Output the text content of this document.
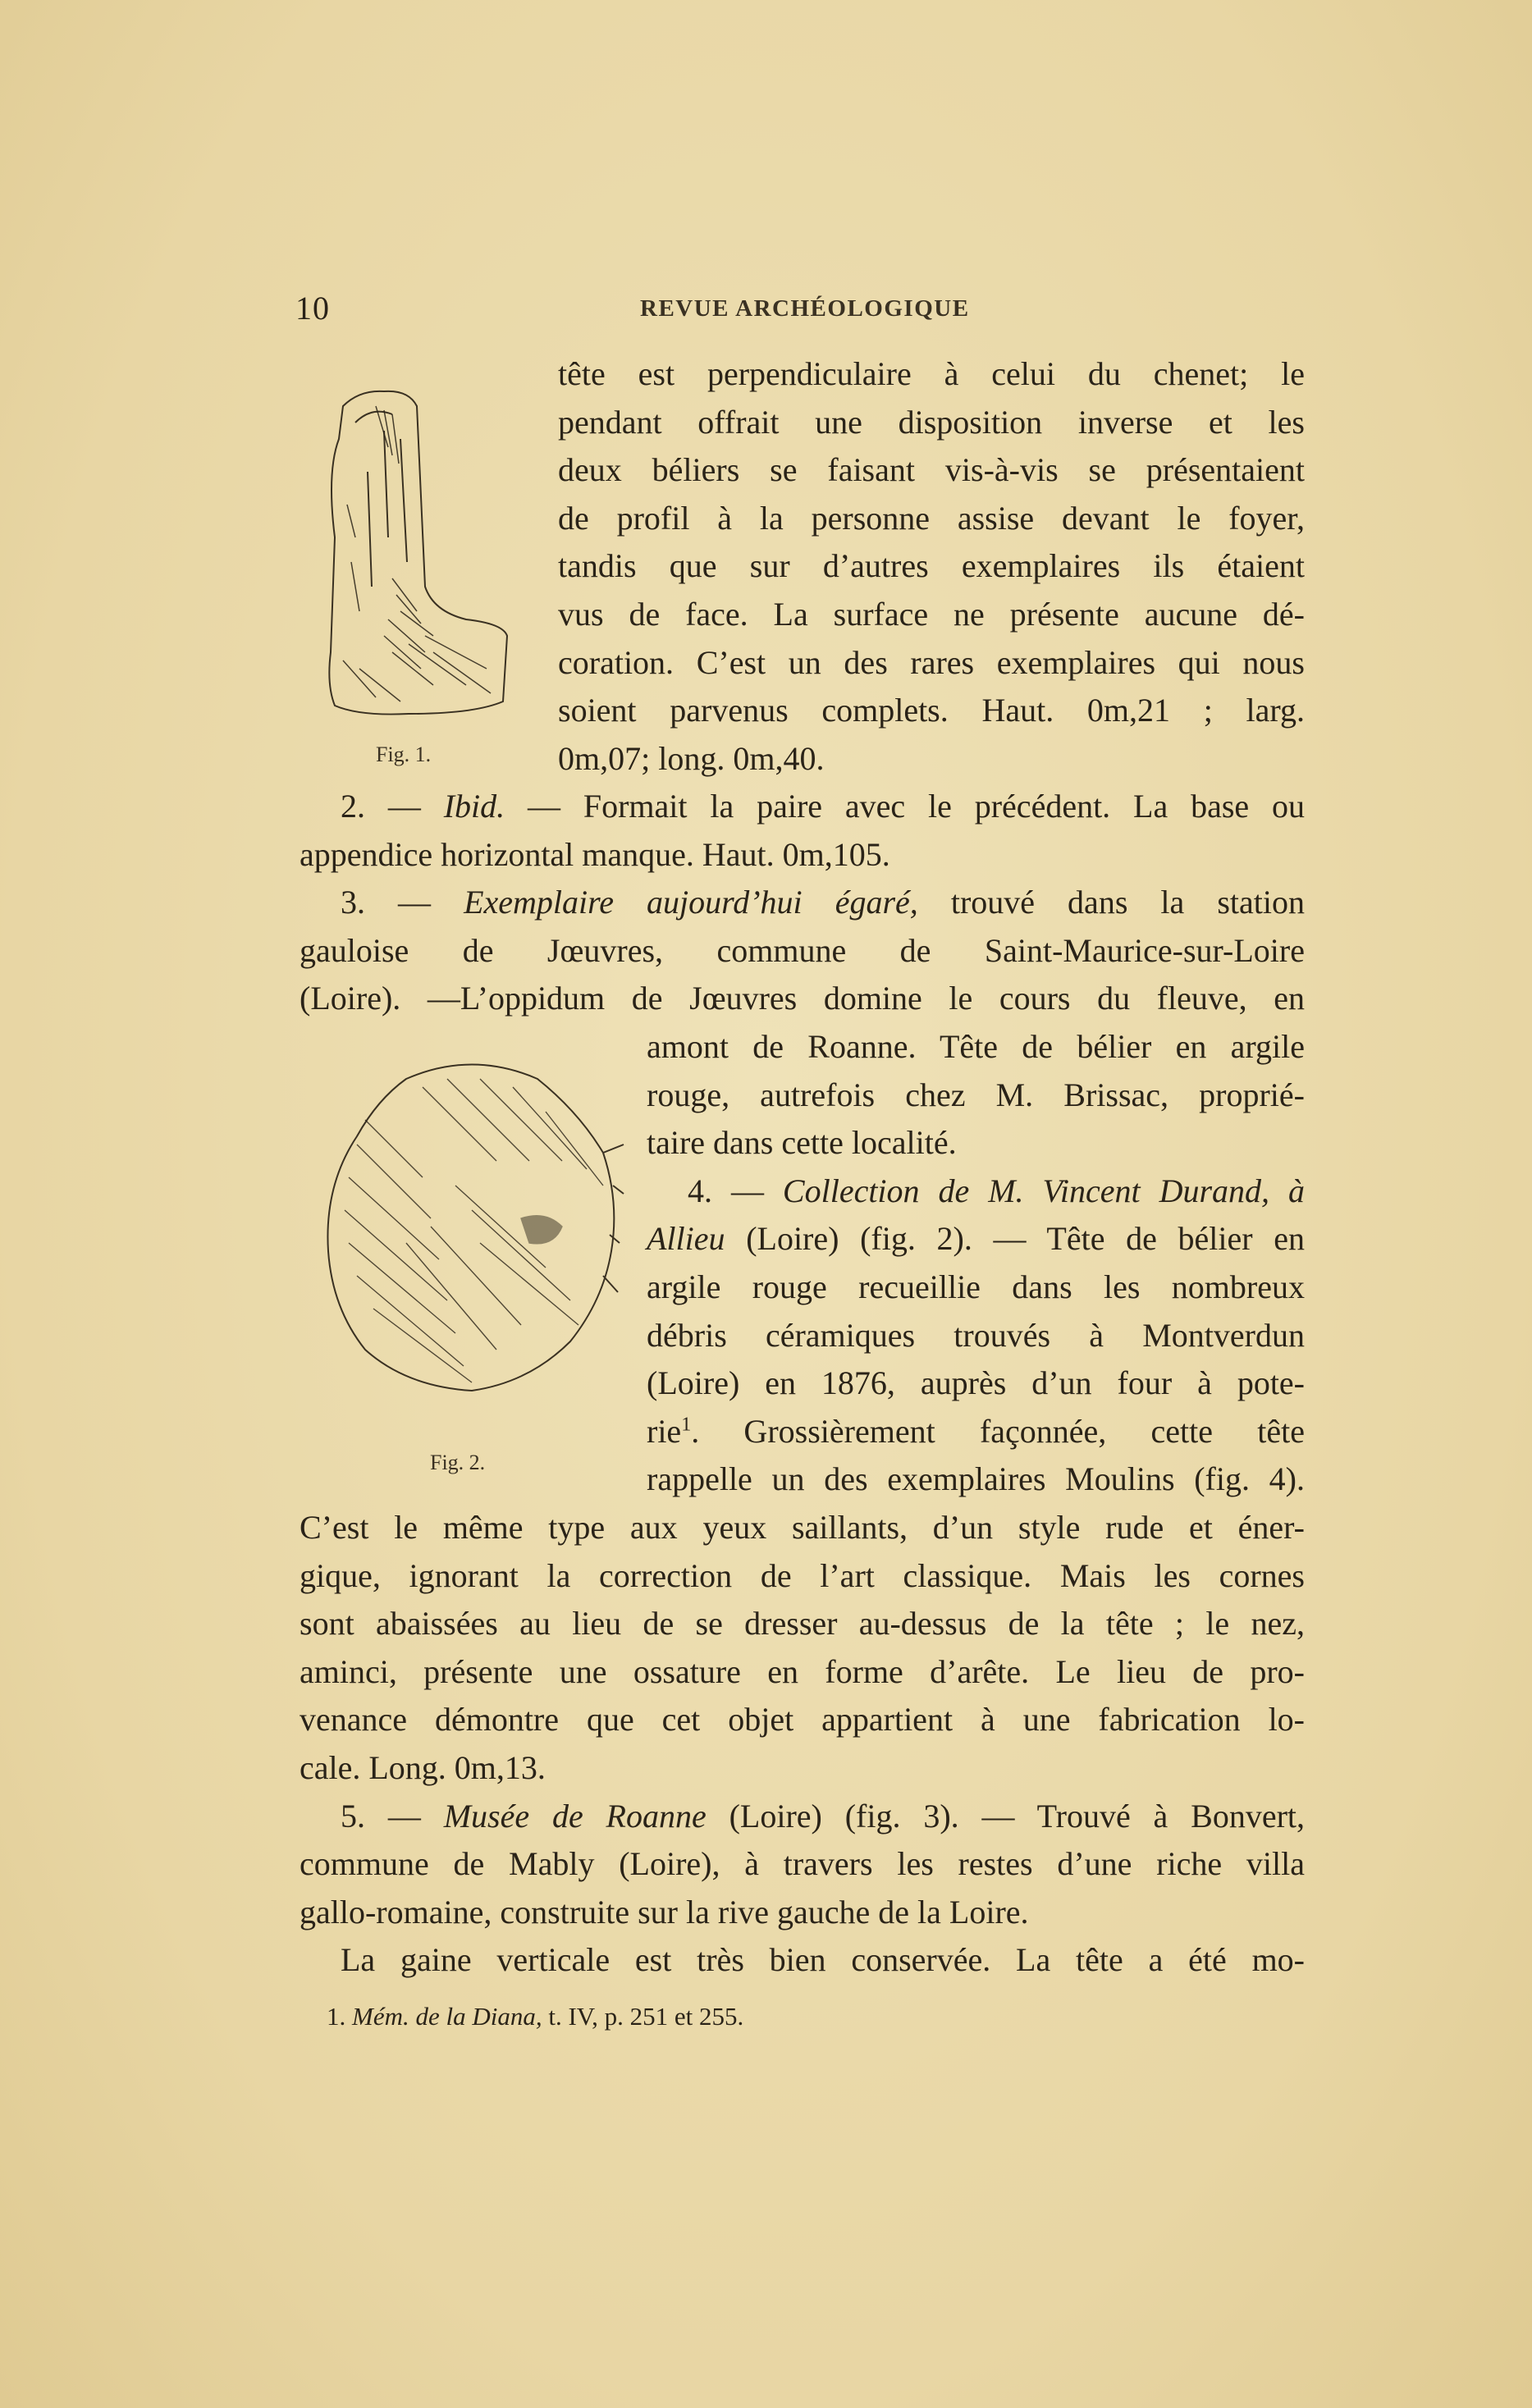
10	REVUE ARCHÉOLOGIQUE
Fig. 1.
Fig. 2.
tête est perpendiculaire à celui du chenet; le
pendant offrait une disposition inverse et les
deux béliers se faisant vis-à-vis se présentaient
de profil à la personne assise devant le foyer,
tandis que sur d’autres exemplaires ils étaient
vus de face. La surface ne présente aucune dé-
coration. C’est un des rares exemplaires qui nous
soient parvenus complets. Haut. 0m,21 ; larg.
0m,07; long. 0m,40.
2. — Ibid. — Formait la paire avec le précédent. La base ou
appendice horizontal manque. Haut. 0m,105.
3. — Exemplaire aujourd’hui égaré, trouvé dans la station
gauloise de Jœuvres, commune de Saint-Maurice-sur-Loire
(Loire). —L’oppidum de Jœuvres domine le cours du fleuve, en
amont de Roanne. Tête de bélier en argile
rouge, autrefois chez M. Brissac, proprié-
taire dans cette localité.
4. — Collection de M. Vincent Durand, à
Allieu (Loire) (fig. 2). — Tête de bélier en
argile rouge recueillie dans les nombreux
débris céramiques trouvés à Montverdun
(Loire) en 1876, auprès d’un four à pote-
rie$^1$. Grossièrement façonnée, cette tête
rappelle un des exemplaires Moulins (fig. 4).
C’est le même type aux yeux saillants, d’un style rude et éner-
gique, ignorant la correction de l’art classique. Mais les cornes
sont abaissées au lieu de se dresser au-dessus de la tête ; le nez,
aminci, présente une ossature en forme d’arête. Le lieu de pro-
venance démontre que cet objet appartient à une fabrication lo-
cale. Long. 0m,13.
5. — Musée de Roanne (Loire) (fig. 3). — Trouvé à Bonvert,
commune de Mably (Loire), à travers les restes d’une riche villa
gallo-romaine, construite sur la rive gauche de la Loire.
La gaine verticale est très bien conservée. La tête a été mo-
1. Mém. de la Diana, t. IV, p. 251 et 255.
